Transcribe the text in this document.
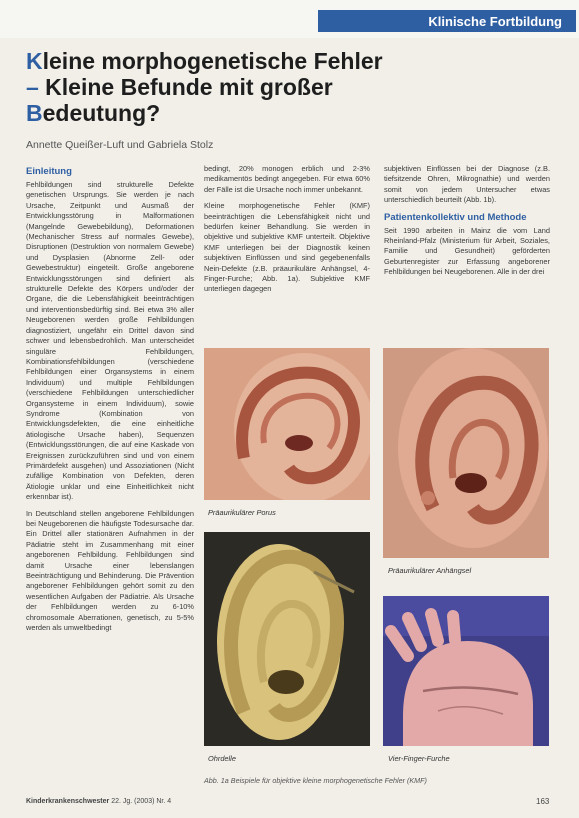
Klinische Fortbildung
Kleine morphogenetische Fehler
– Kleine Befunde mit großer
Bedeutung?
Annette Queißer-Luft und Gabriela Stolz
Einleitung

Fehlbildungen sind strukturelle Defekte genetischen Ursprungs. Sie werden je nach Ursache, Zeitpunkt und Ausmaß der Entwicklungsstörung in Malformationen (Mangelnde Gewebebildung), Deformationen (Mechanischer Stress auf normales Gewebe), Disruptionen (Destruktion von normalem Gewebe) und Dysplasien (Abnorme Zell- oder Gewebestruktur) eingeteilt. Große angeborene Entwicklungsstörungen sind definiert als strukturelle Defekte des Körpers und/oder der Organe, die die Lebensfähigkeit beeinträchtigen und interventionsbedürftig sind. Bei etwa 3% aller Neugeborenen werden große Fehlbildungen diagnostiziert, ungefähr ein Drittel davon sind schwer und lebensbedrohlich. Man unterscheidet singuläre Fehlbildungen, Kombinationsfehlbildungen (verschiedene Fehlbildungen einer Organsystems in einem Individuum) und multiple Fehlbildungen (verschiedene Fehlbildungen unterschiedlicher Organsysteme in einem Individuum), sowie Syndrome (Kombination von Entwicklungsdefekten, die eine einheitliche ätiologische Ursache haben), Sequenzen (Entwicklungsstörungen, die auf eine Kaskade von Ereignissen zurückzuführen sind und von einem Primärdefekt ausgehen) und Assoziationen (Nicht zufällige Kombination von Defekten, deren Ätiologie unklar und eine Einheitlichkeit nicht erkennbar ist).

In Deutschland stellen angeborene Fehlbildungen bei Neugeborenen die häufigste Todesursache dar. Ein Drittel aller stationären Aufnahmen in der Pädiatrie steht im Zusammenhang mit einer angeborenen Fehlbildung. Fehlbildungen sind damit Ursache einer lebenslangen Beeinträchtigung und Behinderung. Die Prävention angeborener Fehlbildungen gehört somit zu den wesentlichen Aufgaben der Pädiatrie. Als Ursache der Fehlbildungen werden zu 6-10% chromosomale Aberrationen, genetisch, zu 5-5% werden als umweltbedingt

bedingt, 20% monogen erblich und 2-3% medikamentös bedingt angegeben. Für etwa 60% der Fälle ist die Ursache noch immer unbekannt.

Kleine morphogenetische Fehler (KMF) beeinträchtigen die Lebensfähigkeit nicht und bedürfen keiner Behandlung. Sie werden in objektive und subjektive KMF unterteilt. Objektive KMF unterliegen bei der Diagnostik keinen subjektiven Einflüssen und sind gegebenenfalls Nein-Defekte (z.B. präaurikuläre Anhängsel, 4-Finger-Furche; Abb. 1a). Subjektive KMF unterliegen dagegen

subjektiven Einflüssen bei der Diagnose (z.B. tiefsitzende Ohren, Mikrognathie) und werden somit von jedem Untersucher etwas unterschiedlich beurteilt (Abb. 1b).

Patientenkollektiv und Methode

Seit 1990 arbeiten in Mainz die vom Land Rheinland-Pfalz (Ministerium für Arbeit, Soziales, Familie und Gesundheit) geförderten Geburtenregister zur Erfassung angeborener Fehlbildungen bei Neugeborenen. Alle in der drei

Präaurikulärer Porus
Präaurikulärer Anhängsel
Ohrdelle	Vier-Finger-Furche
Abb. 1a Beispiele für objektive kleine morphogenetische Fehler (KMF)
Kinderkrankenschwester 22. Jg. (2003) Nr. 4	163
